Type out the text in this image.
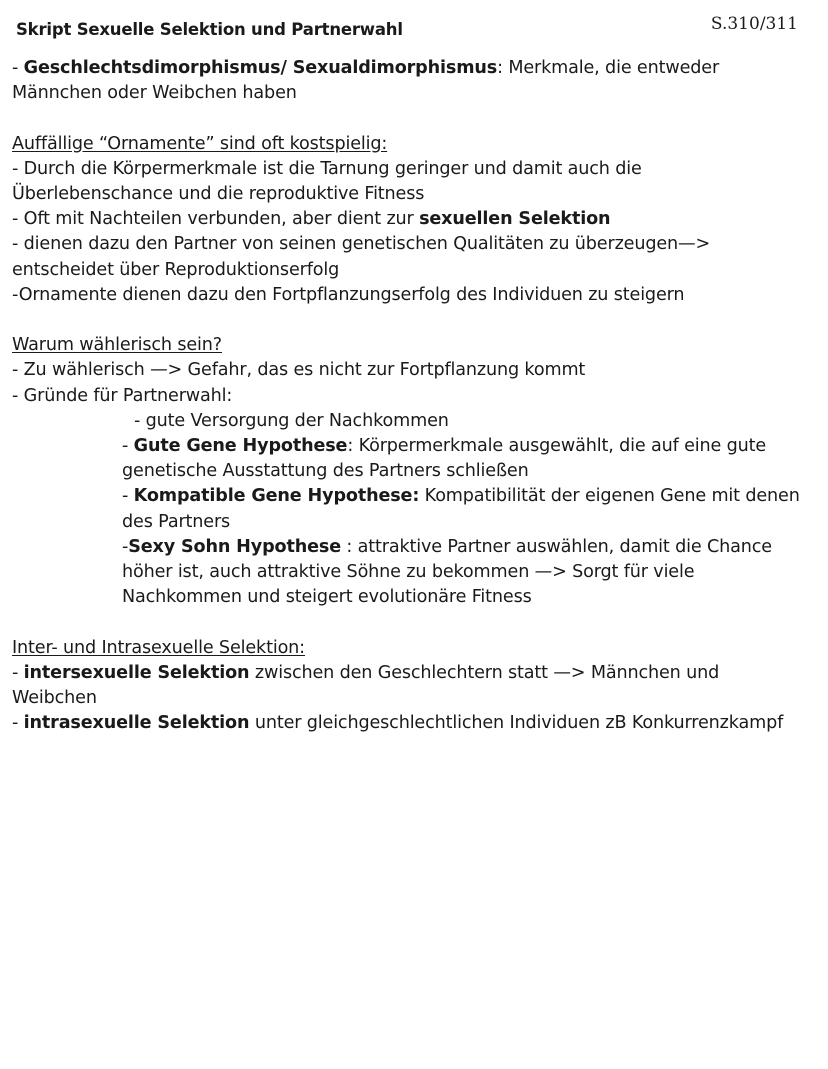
Skript Sexuelle Selektion und Partnerwahl	S.310/311

- Geschlechtsdimorphismus/ Sexualdimorphismus: Merkmale, die entweder Männchen oder Weibchen haben

Auffällige “Ornamente” sind oft kostspielig:

- Durch die Körpermerkmale ist die Tarnung geringer und damit auch die Überlebenschance und die reproduktive Fitness

- Oft mit Nachteilen verbunden, aber dient zur sexuellen Selektion

- dienen dazu den Partner von seinen genetischen Qualitäten zu überzeugen—> entscheidet über Reproduktionserfolg

-Ornamente dienen dazu den Fortpflanzungserfolg des Individuen zu steigern

Warum wählerisch sein?

- Zu wählerisch —> Gefahr, das es nicht zur Fortpflanzung kommt

- Gründe für Partnerwahl:

- gute Versorgung der Nachkommen

- Gute Gene Hypothese: Körpermerkmale ausgewählt, die auf eine gute genetische Ausstattung des Partners schließen

- Kompatible Gene Hypothese: Kompatibilität der eigenen Gene mit denen des Partners

-Sexy Sohn Hypothese : attraktive Partner auswählen, damit die Chance höher ist, auch attraktive Söhne zu bekommen —> Sorgt für viele Nachkommen und steigert evolutionäre Fitness

Inter- und Intrasexuelle Selektion:

- intersexuelle Selektion zwischen den Geschlechtern statt —> Männchen und Weibchen

- intrasexuelle Selektion unter gleichgeschlechtlichen Individuen zB Konkurrenzkampf
